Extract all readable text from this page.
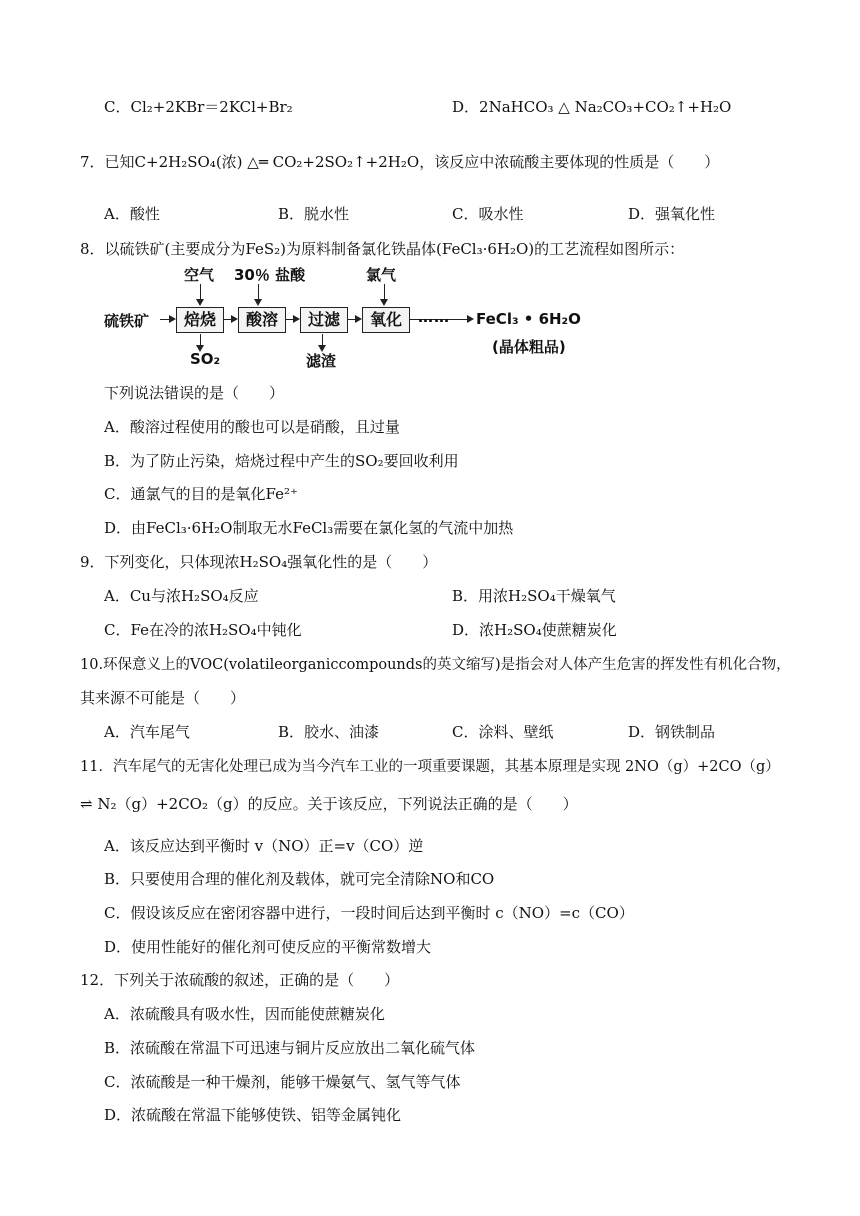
C．Cl₂+2KBr＝2KCl+Br₂	D．2NaHCO₃ △ Na₂CO₃+CO₂↑+H₂O
7．已知C+2H₂SO₄(浓) △═ CO₂+2SO₂↑+2H₂O，该反应中浓硫酸主要体现的性质是（　　）
A．酸性	B．脱水性	C．吸水性	D．强氧化性
8．以硫铁矿(主要成分为FeS₂)为原料制备氯化铁晶体(FeCl₃·6H₂O)的工艺流程如图所示：
空气 30％ 盐酸	氯气
硫铁矿	焙烧	酸溶	过滤	氧化	…… FeCl₃ • 6H₂O
(晶体粗品)
SO₂	滤渣
下列说法错误的是（　　）
A．酸溶过程使用的酸也可以是硝酸，且过量
B．为了防止污染，焙烧过程中产生的SO₂要回收利用
C．通氯气的目的是氧化Fe²⁺
D．由FeCl₃·6H₂O制取无水FeCl₃需要在氯化氢的气流中加热
9．下列变化，只体现浓H₂SO₄强氧化性的是（　　）
A．Cu与浓H₂SO₄反应	B．用浓H₂SO₄干燥氧气
C．Fe在冷的浓H₂SO₄中钝化	D．浓H₂SO₄使蔗糖炭化
10.环保意义上的VOC(volatileorganiccompounds的英文缩写)是指会对人体产生危害的挥发性有机化合物，
其来源不可能是（　　）
A．汽车尾气	B．胶水、油漆	C．涂料、壁纸	D．钢铁制品
11．汽车尾气的无害化处理已成为当今汽车工业的一项重要课题，其基本原理是实现 2NO（g）+2CO（g）
⇌ N₂（g）+2CO₂（g）的反应。关于该反应，下列说法正确的是（　　）
A．该反应达到平衡时 v（NO）正=v（CO）逆
B．只要使用合理的催化剂及载体，就可完全清除NO和CO
C．假设该反应在密闭容器中进行，一段时间后达到平衡时 c（NO）=c（CO）
D．使用性能好的催化剂可使反应的平衡常数增大
12．下列关于浓硫酸的叙述，正确的是（　　）
A．浓硫酸具有吸水性，因而能使蔗糖炭化
B．浓硫酸在常温下可迅速与铜片反应放出二氧化硫气体
C．浓硫酸是一种干燥剂，能够干燥氨气、氢气等气体
D．浓硫酸在常温下能够使铁、铝等金属钝化
